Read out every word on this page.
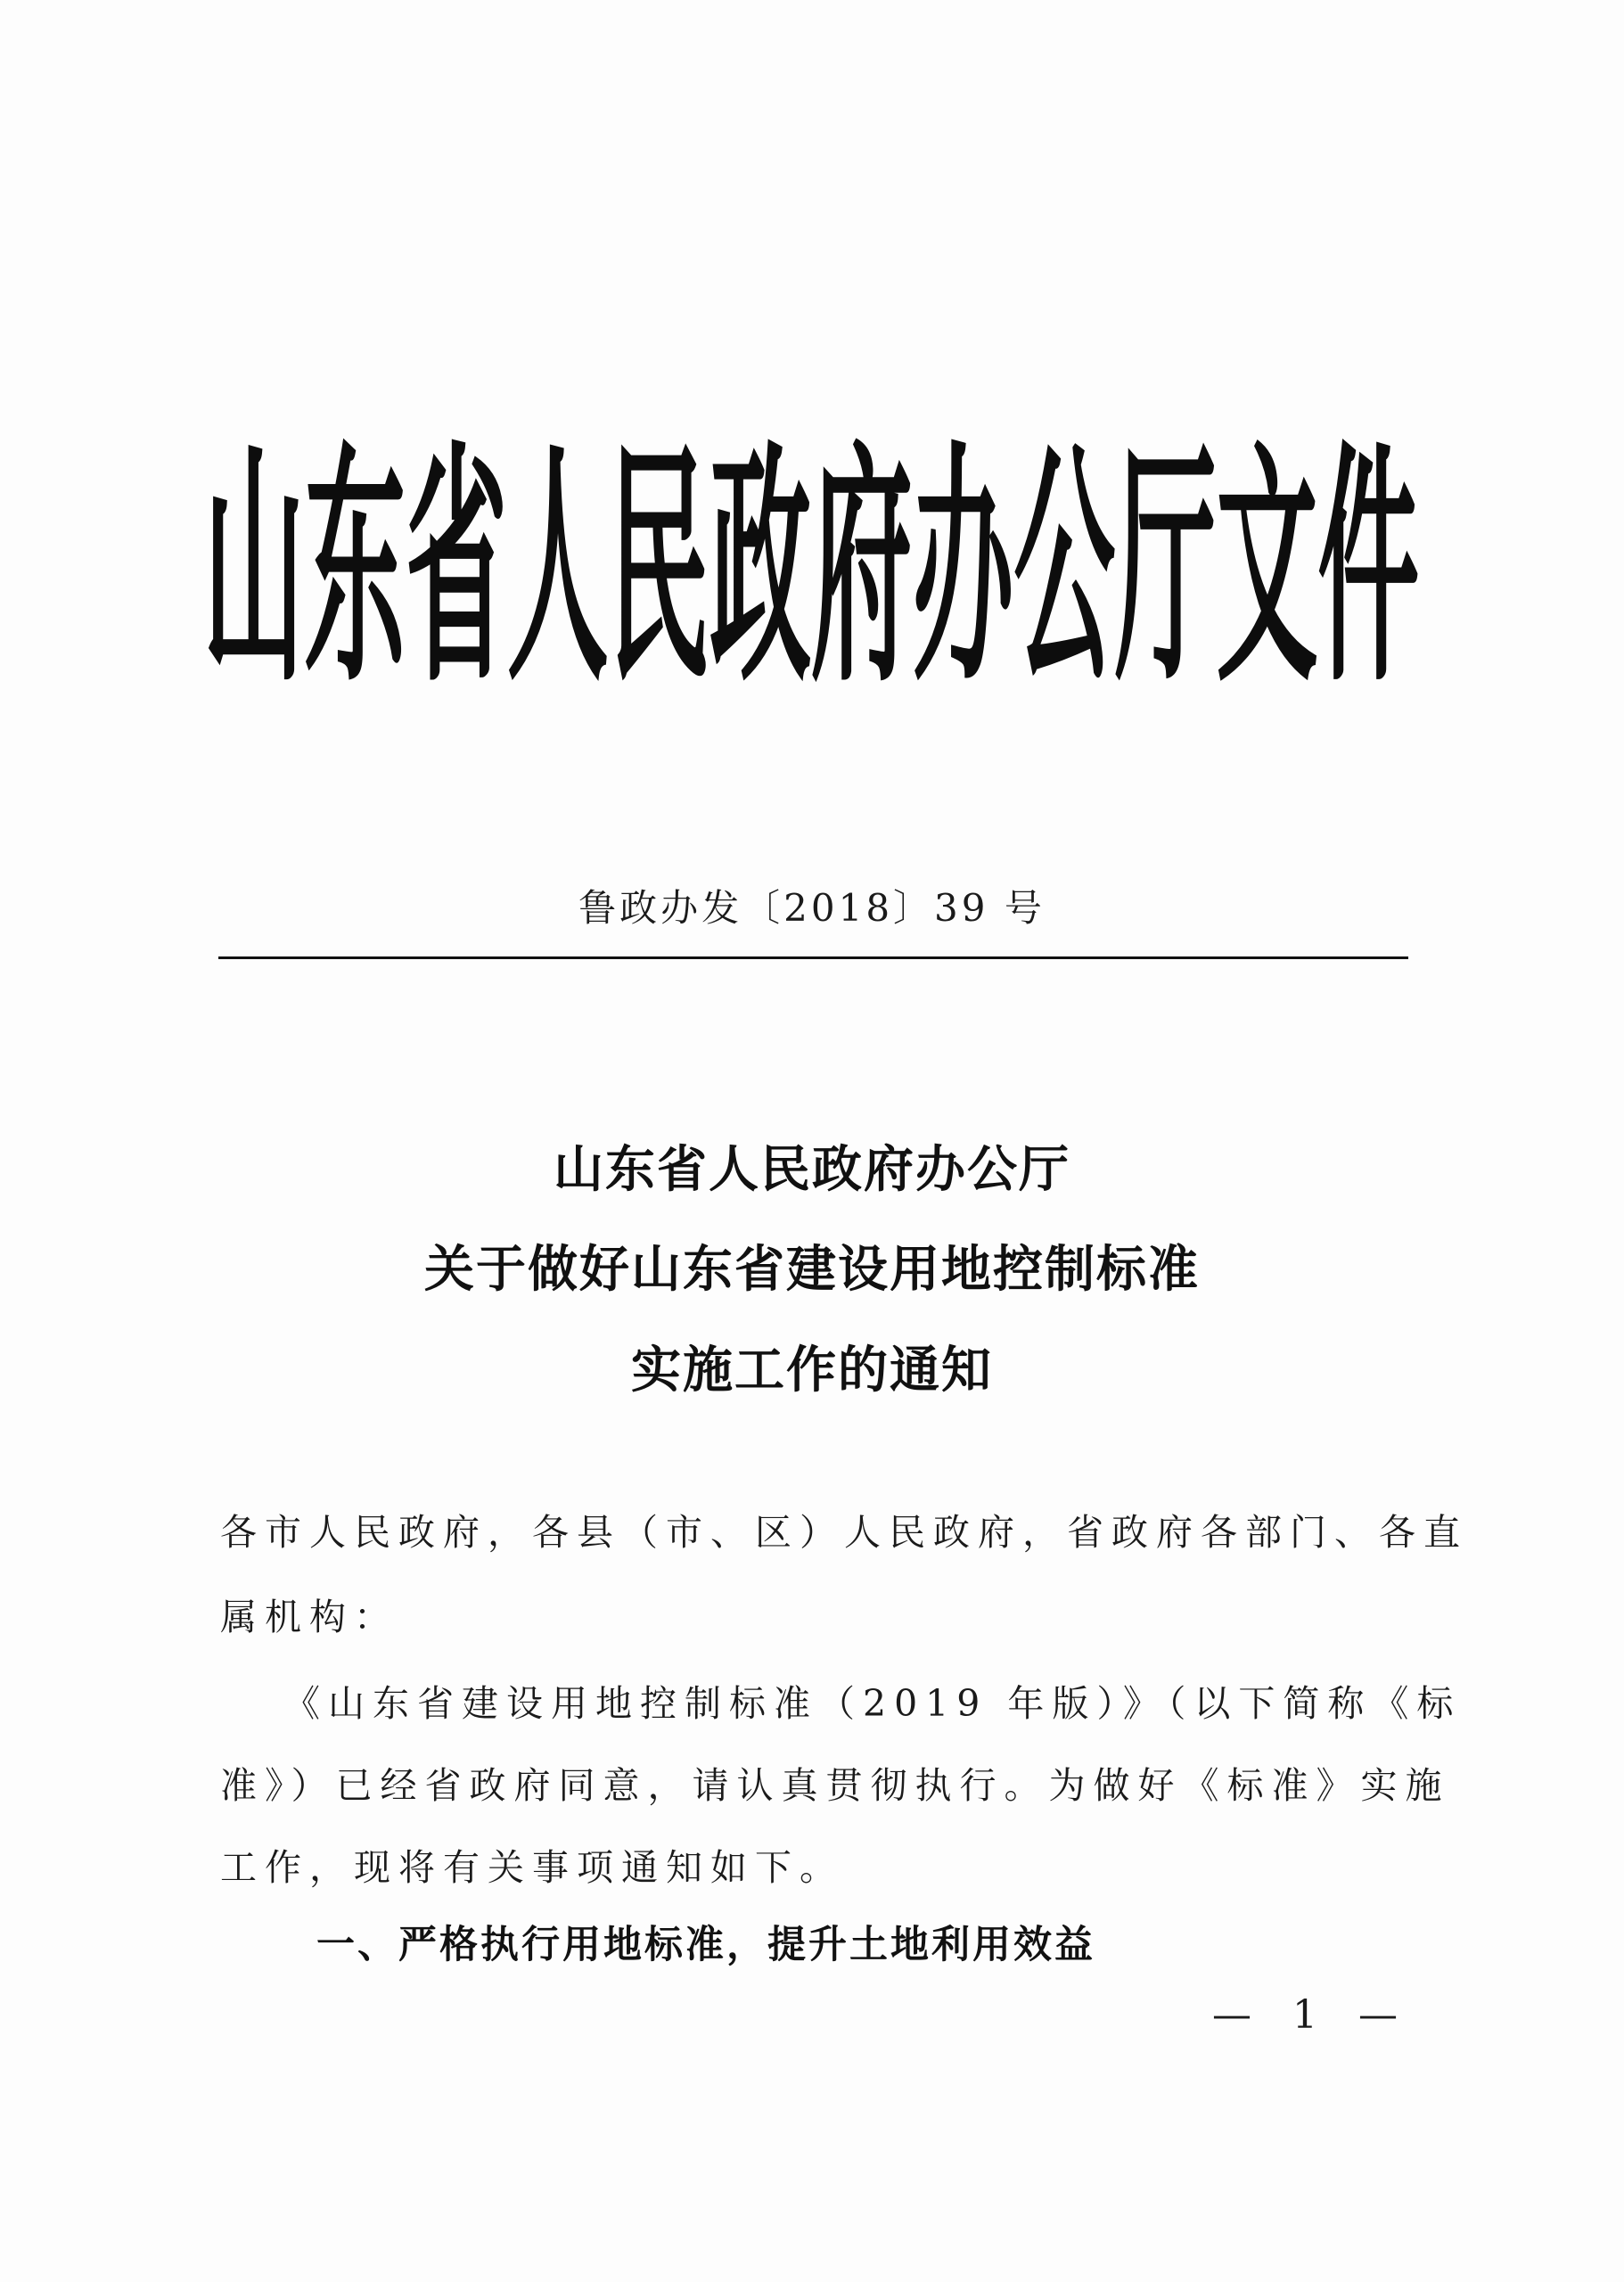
山东省人民政府办公厅文件
鲁政办发〔2018〕39 号
山东省人民政府办公厅
关于做好山东省建设用地控制标准
实施工作的通知
各市人民政府，各县（市、区）人民政府，省政府各部门、各直
属机构：
《山东省建设用地控制标准（2019 年版）》（以下简称《标
准》）已经省政府同意，请认真贯彻执行。为做好《标准》实施
工作，现将有关事项通知如下。
一、严格执行用地标准，提升土地利用效益
— 1 —
